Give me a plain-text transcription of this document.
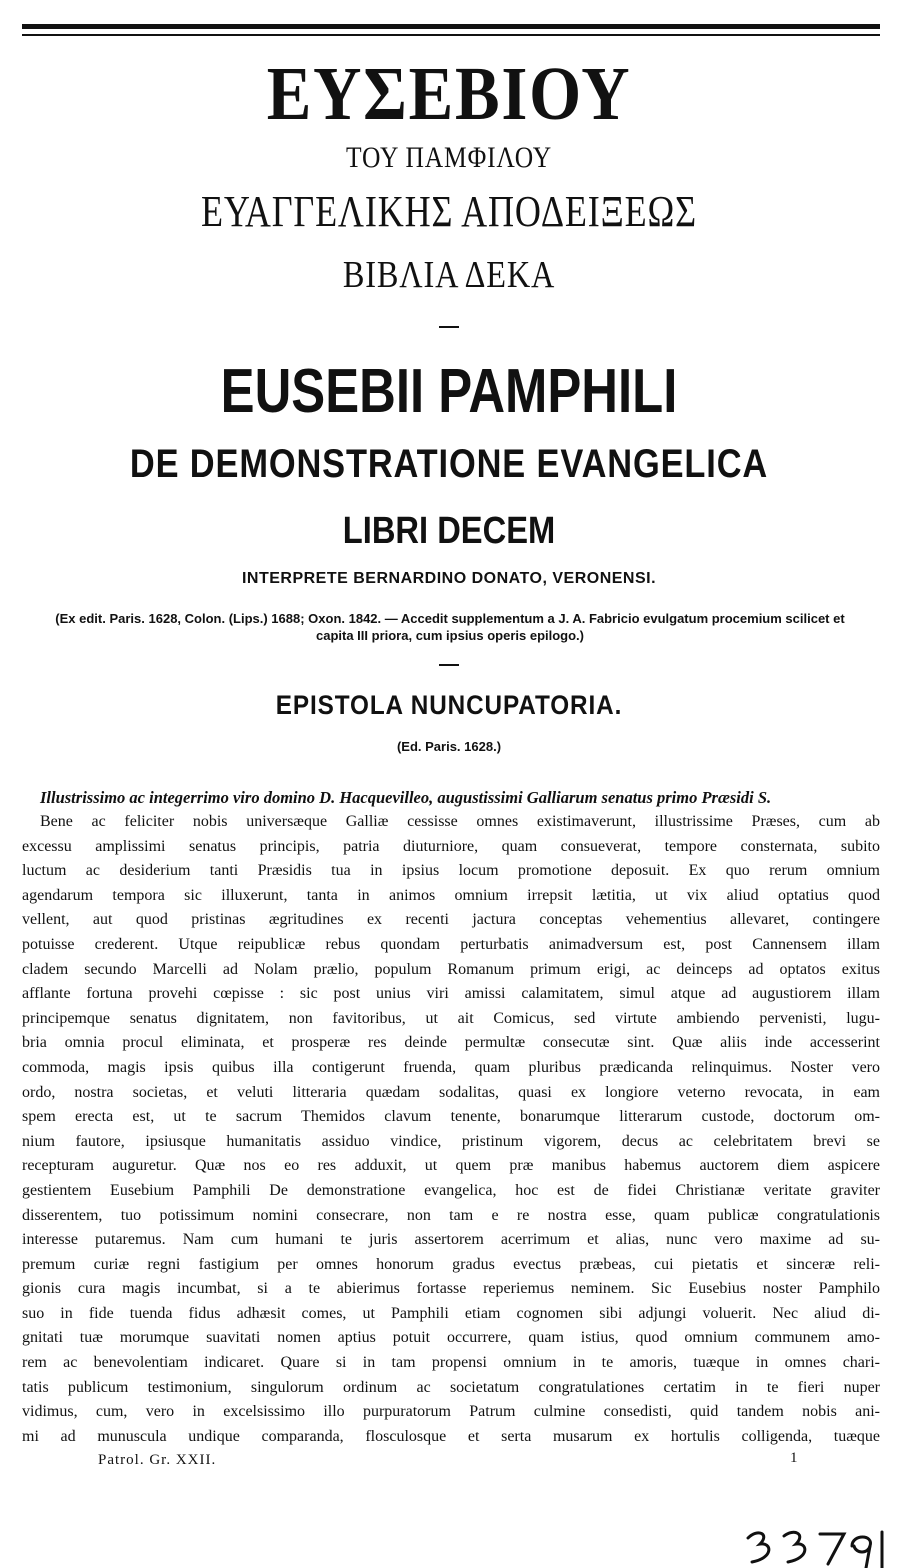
ΕΥΣΕΒΙΟΥ
ΤΟΥ ΠΑΜΦΙΛΟΥ
ΕΥΑΓΓΕΛΙΚΗΣ ΑΠΟΔΕΙΞΕΩΣ
ΒΙΒΛΙΑ ΔΕΚΑ
EUSEBII PAMPHILI
DE DEMONSTRATIONE EVANGELICA
LIBRI DECEM
INTERPRETE BERNARDINO DONATO, VERONENSI.
(Ex edit. Paris. 1628, Colon. (Lips.) 1688; Oxon. 1842. — Accedit supplementum a J. A. Fabricio evulgatum procemium scilicet et capita III priora, cum ipsius operis epilogo.)
EPISTOLA NUNCUPATORIA.
(Ed. Paris. 1628.)
Illustrissimo ac integerrimo viro domino D. Hacquevilleo, augustissimi Galliarum senatus primo Præsidi S.
Bene ac feliciter nobis universæque Galliæ cessisse omnes existimaverunt, illustrissime Præses, cum ab
excessu amplissimi senatus principis, patria diuturniore, quam consueverat, tempore consternata, subito
luctum ac desiderium tanti Præsidis tua in ipsius locum promotione deposuit. Ex quo rerum omnium
agendarum tempora sic illuxerunt, tanta in animos omnium irrepsit lætitia, ut vix aliud optatius quod
vellent, aut quod pristinas ægritudines ex recenti jactura conceptas vehementius allevaret, contingere
potuisse crederent. Utque reipublicæ rebus quondam perturbatis animadversum est, post Cannensem illam
cladem secundo Marcelli ad Nolam prælio, populum Romanum primum erigi, ac deinceps ad optatos exitus
afflante fortuna provehi cœpisse : sic post unius viri amissi calamitatem, simul atque ad augustiorem illam
principemque senatus dignitatem, non favitoribus, ut ait Comicus, sed virtute ambiendo pervenisti, lugu-
bria omnia procul eliminata, et prosperæ res deinde permultæ consecutæ sint. Quæ aliis inde accesserint
commoda, magis ipsis quibus illa contigerunt fruenda, quam pluribus prædicanda relinquimus. Noster vero
ordo, nostra societas, et veluti litteraria quædam sodalitas, quasi ex longiore veterno revocata, in eam
spem erecta est, ut te sacrum Themidos clavum tenente, bonarumque litterarum custode, doctorum om-
nium fautore, ipsiusque humanitatis assiduo vindice, pristinum vigorem, decus ac celebritatem brevi se
recepturam auguretur. Quæ nos eo res adduxit, ut quem præ manibus habemus auctorem diem aspicere
gestientem Eusebium Pamphili De demonstratione evangelica, hoc est de fidei Christianæ veritate graviter
disserentem, tuo potissimum nomini consecrare, non tam e re nostra esse, quam publicæ congratulationis
interesse putaremus. Nam cum humani te juris assertorem acerrimum et alias, nunc vero maxime ad su-
premum curiæ regni fastigium per omnes honorum gradus evectus præbeas, cui pietatis et sinceræ reli-
gionis cura magis incumbat, si a te abierimus fortasse reperiemus neminem. Sic Eusebius noster Pamphilo
suo in fide tuenda fidus adhæsit comes, ut Pamphili etiam cognomen sibi adjungi voluerit. Nec aliud di-
gnitati tuæ morumque suavitati nomen aptius potuit occurrere, quam istius, quod omnium communem amo-
rem ac benevolentiam indicaret. Quare si in tam propensi omnium in te amoris, tuæque in omnes chari-
tatis publicum testimonium, singulorum ordinum ac societatum congratulationes certatim in te fieri nuper
vidimus, cum, vero in excelsissimo illo purpuratorum Patrum culmine consedisti, quid tandem nobis ani-
mi ad munuscula undique comparanda, flosculosque et serta musarum ex hortulis colligenda, tuæque
Patrol. Gr. XXII.	1
